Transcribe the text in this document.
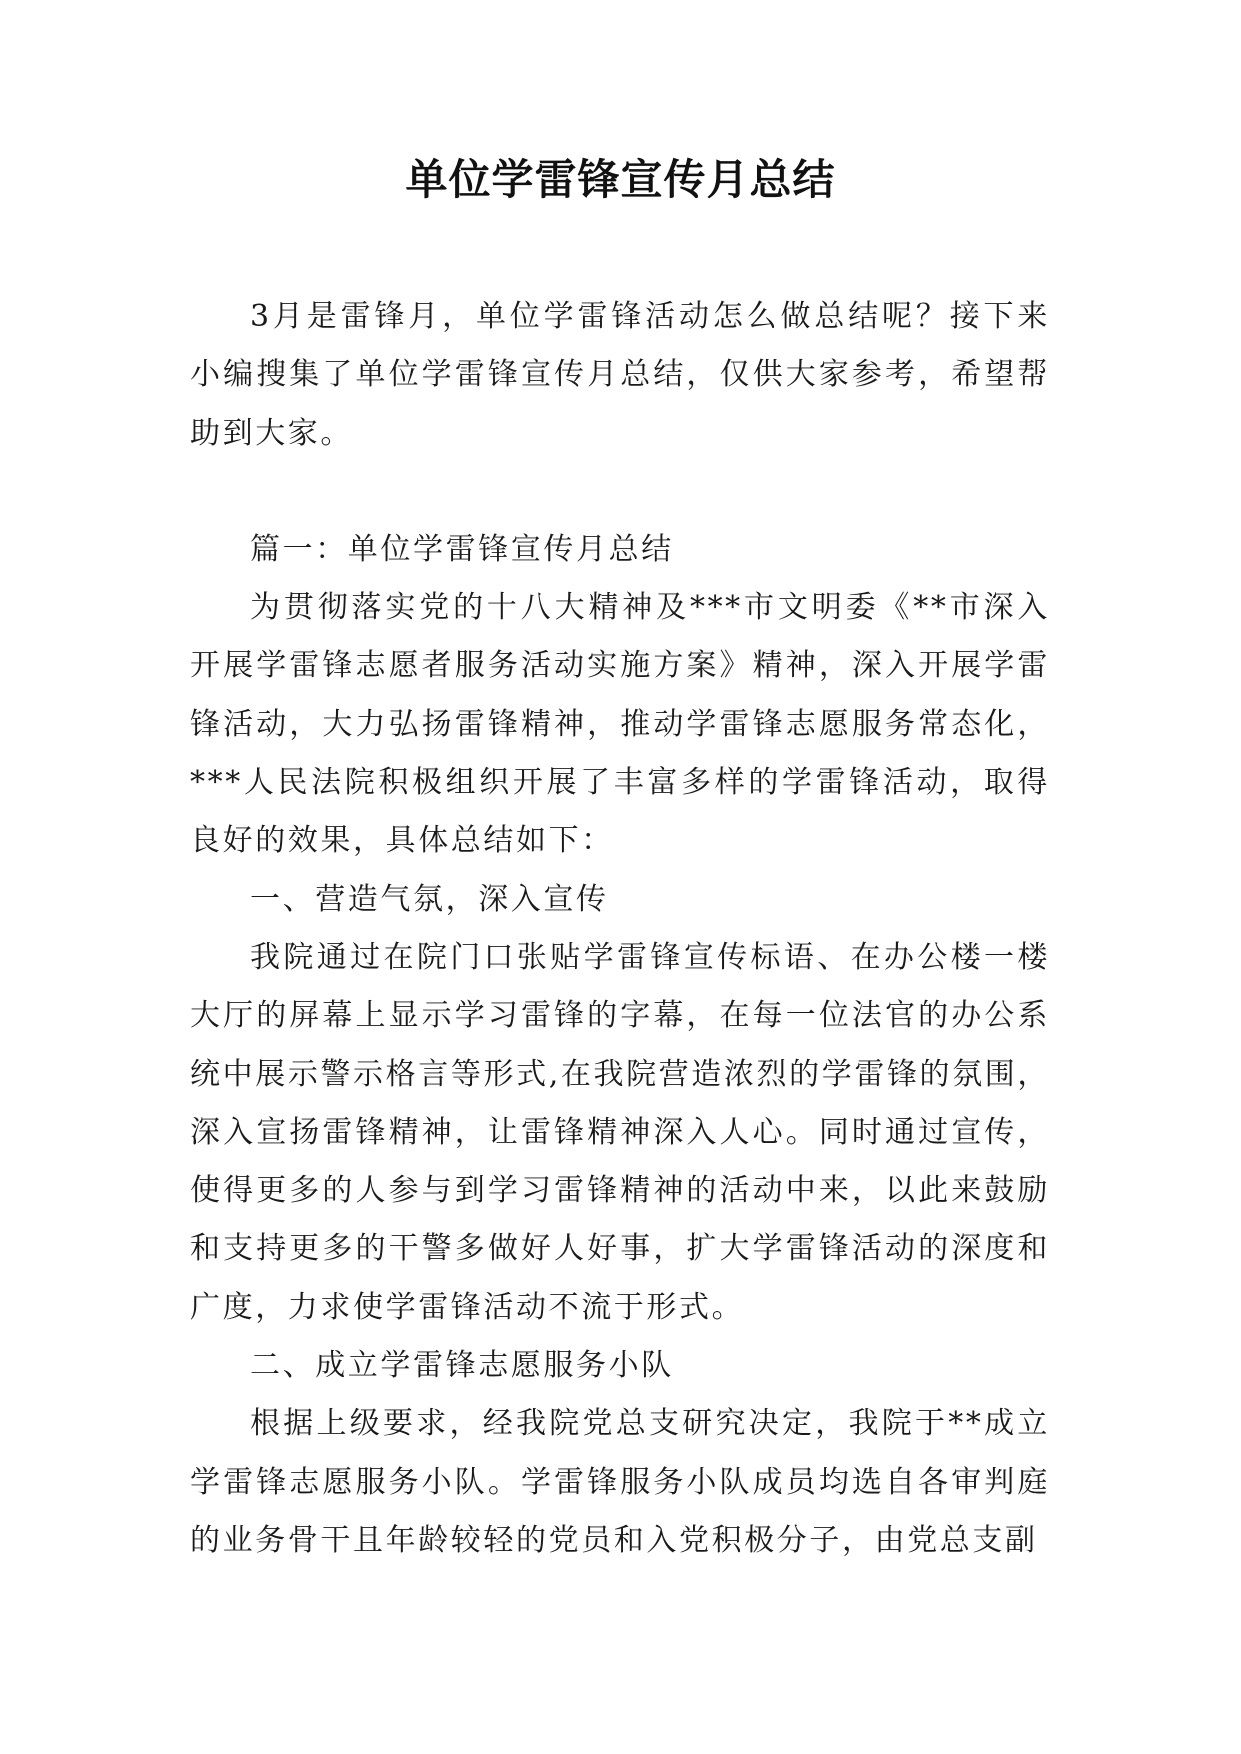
单位学雷锋宣传月总结

3月是雷锋月，单位学雷锋活动怎么做总结呢？接下来小编搜集了单位学雷锋宣传月总结，仅供大家参考，希望帮助到大家。

篇一：单位学雷锋宣传月总结

为贯彻落实党的十八大精神及***市文明委《**市深入开展学雷锋志愿者服务活动实施方案》精神，深入开展学雷锋活动，大力弘扬雷锋精神，推动学雷锋志愿服务常态化，***人民法院积极组织开展了丰富多样的学雷锋活动，取得良好的效果，具体总结如下：

一、营造气氛，深入宣传

我院通过在院门口张贴学雷锋宣传标语、在办公楼一楼大厅的屏幕上显示学习雷锋的字幕，在每一位法官的办公系统中展示警示格言等形式,在我院营造浓烈的学雷锋的氛围，深入宣扬雷锋精神，让雷锋精神深入人心。同时通过宣传，使得更多的人参与到学习雷锋精神的活动中来，以此来鼓励和支持更多的干警多做好人好事，扩大学雷锋活动的深度和广度，力求使学雷锋活动不流于形式。

二、成立学雷锋志愿服务小队

根据上级要求，经我院党总支研究决定，我院于**成立学雷锋志愿服务小队。学雷锋服务小队成员均选自各审判庭的业务骨干且年龄较轻的党员和入党积极分子，由党总支副
